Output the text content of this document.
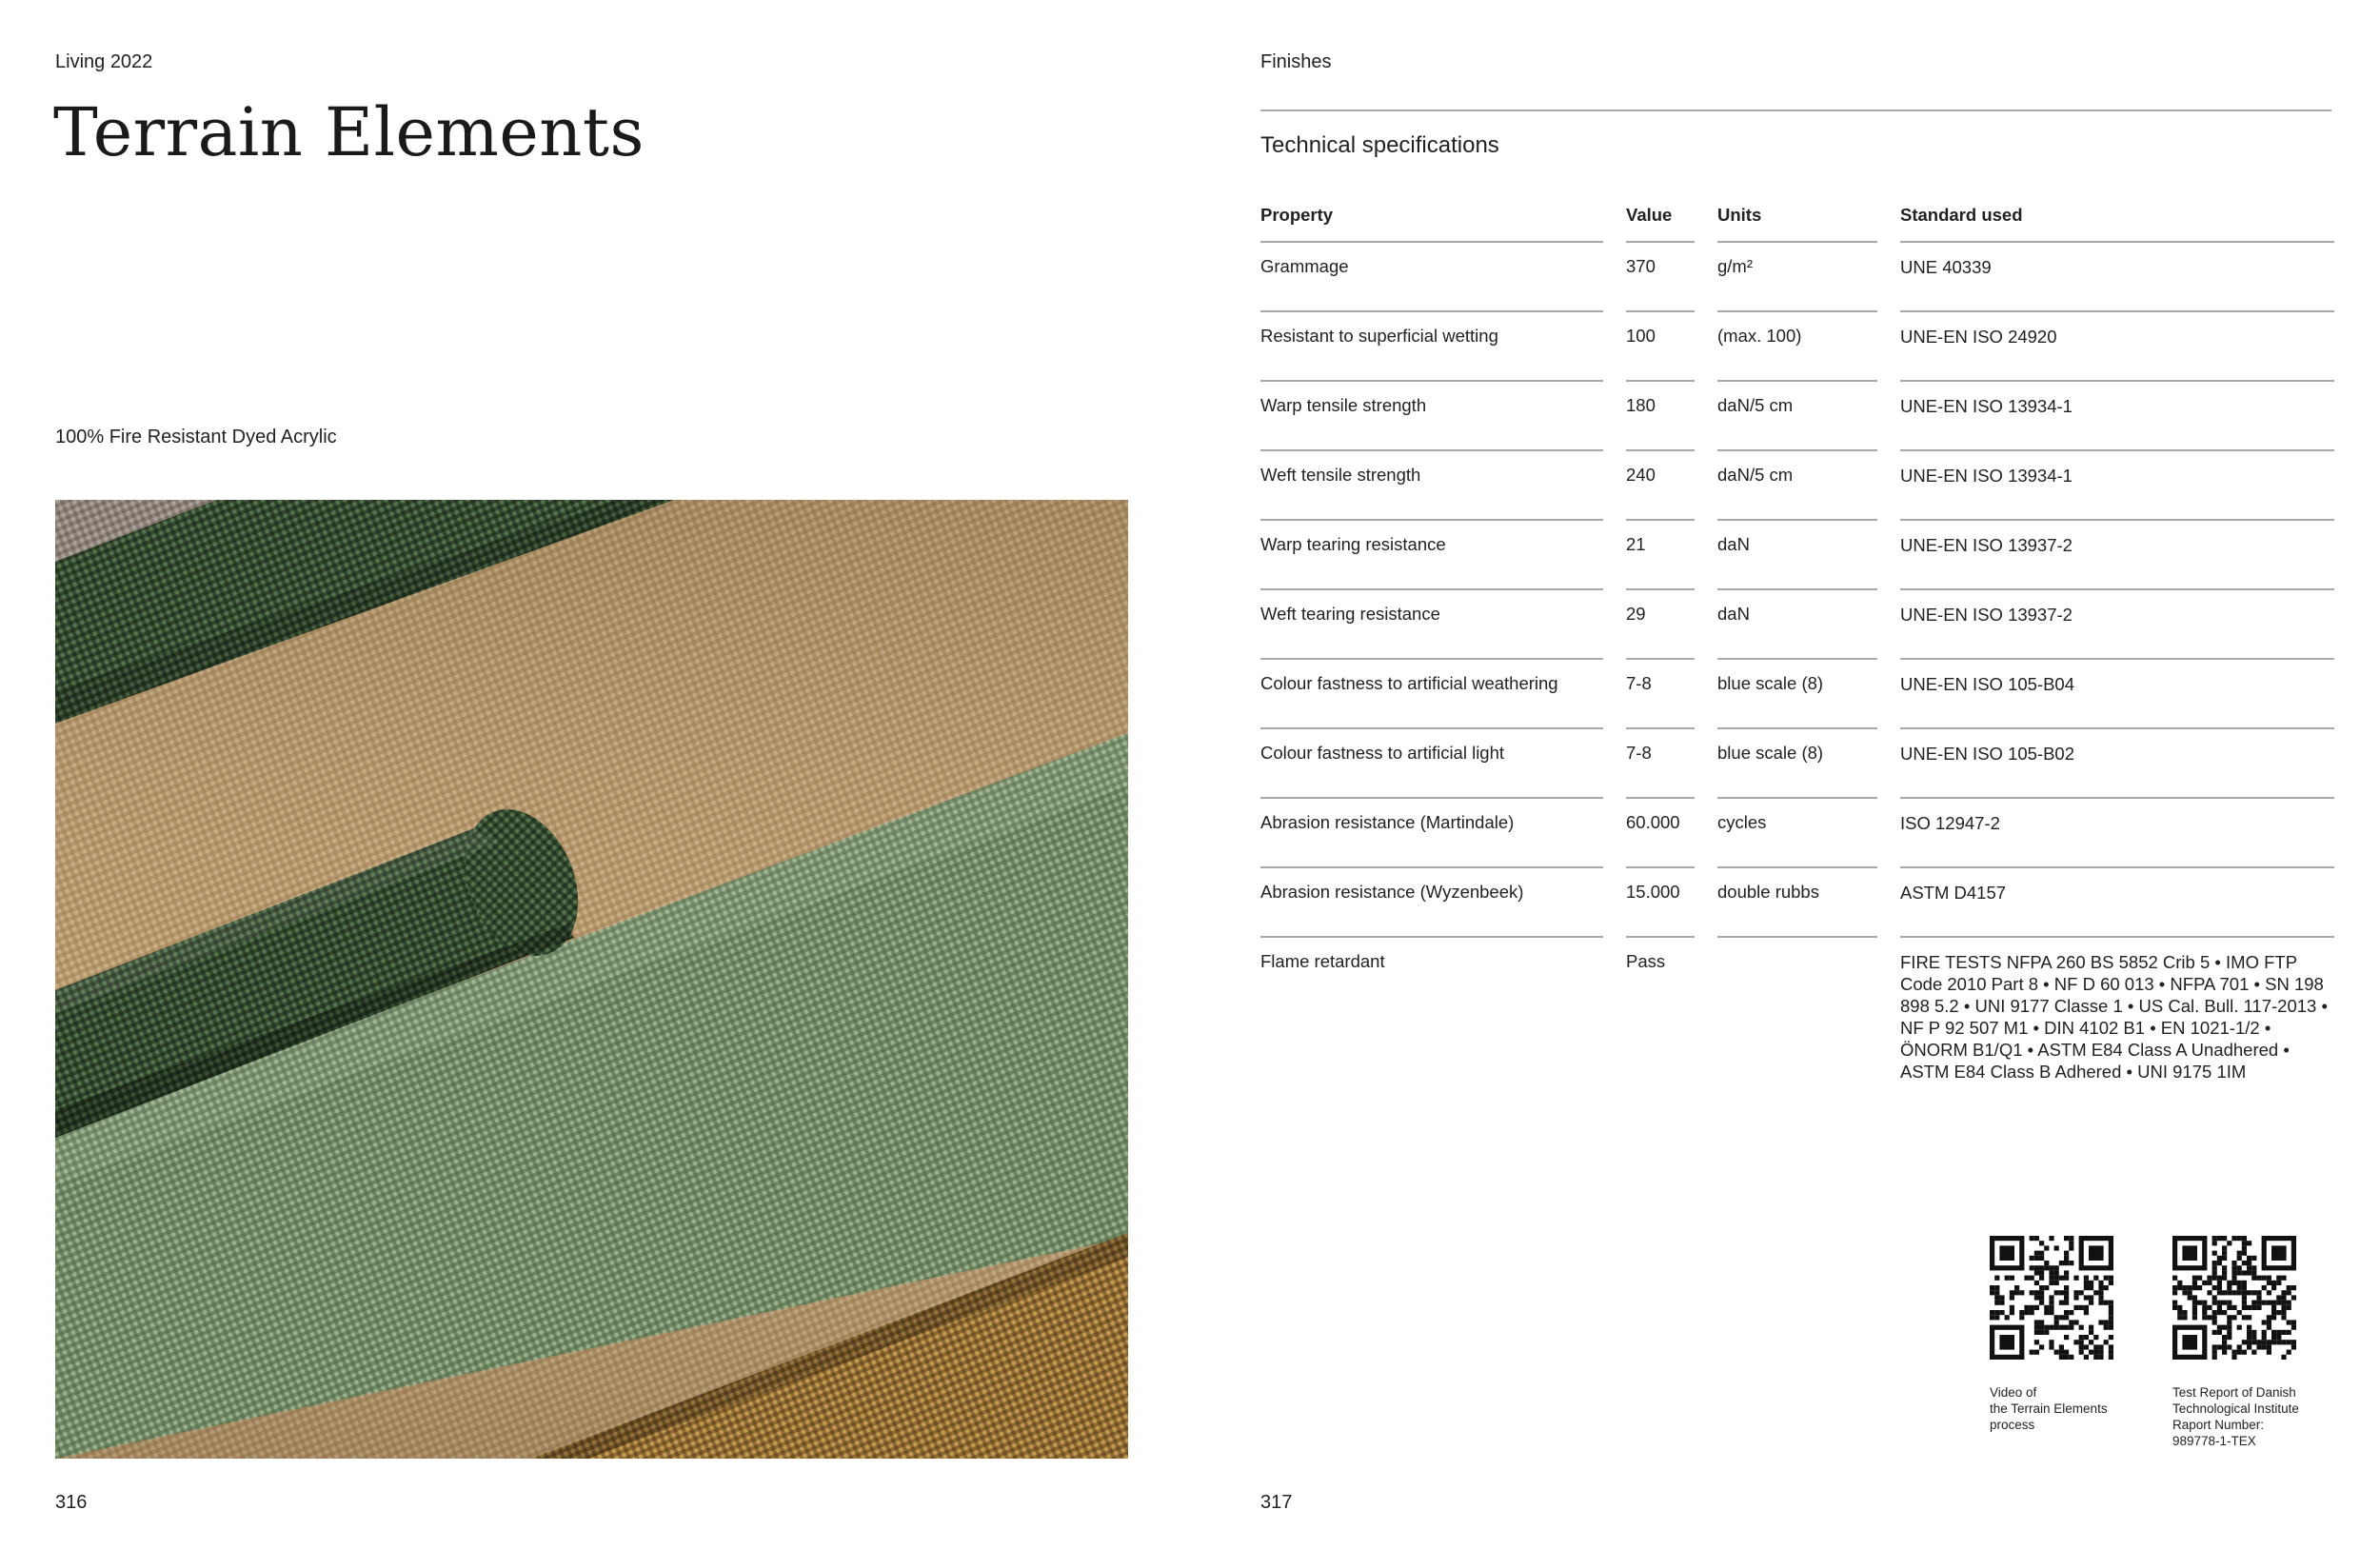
Living 2022
Terrain Elements
100% Fire Resistant Dyed Acrylic
316
Finishes
Technical specifications
Property		Value		Units		Standard used

Grammage		370		g/m²		UNE 40339

Resistant to superficial wetting		100		(max. 100)		UNE-EN ISO 24920

Warp tensile strength		180		daN/5 cm		UNE-EN ISO 13934-1

Weft tensile strength		240		daN/5 cm		UNE-EN ISO 13934-1

Warp tearing resistance		21		daN		UNE-EN ISO 13937-2

Weft tearing resistance		29		daN		UNE-EN ISO 13937-2

Colour fastness to artificial weathering		7-8		blue scale (8)		UNE-EN ISO 105-B04

Colour fastness to artificial light		7-8		blue scale (8)		UNE-EN ISO 105-B02

Abrasion resistance (Martindale)		60.000		cycles		ISO 12947-2

Abrasion resistance (Wyzenbeek)		15.000		double rubbs		ASTM D4157

Flame retardant		Pass				FIRE TESTS NFPA 260 BS 5852 Crib 5 • IMO FTP Code 2010 Part 8 • NF D 60 013 • NFPA 701 • SN 198 898 5.2 • UNI 9177 Classe 1 • US Cal. Bull. 117-2013 • NF P 92 507 M1 • DIN 4102 B1 • EN 1021-1/2 • ÖNORM B1/Q1 • ASTM E84 Class A Unadhered • ASTM E84 Class B Adhered • UNI 9175 1IM
Video of
the Terrain Elements
process
Test Report of Danish
Technological Institute
Raport Number:
989778-1-TEX
317
